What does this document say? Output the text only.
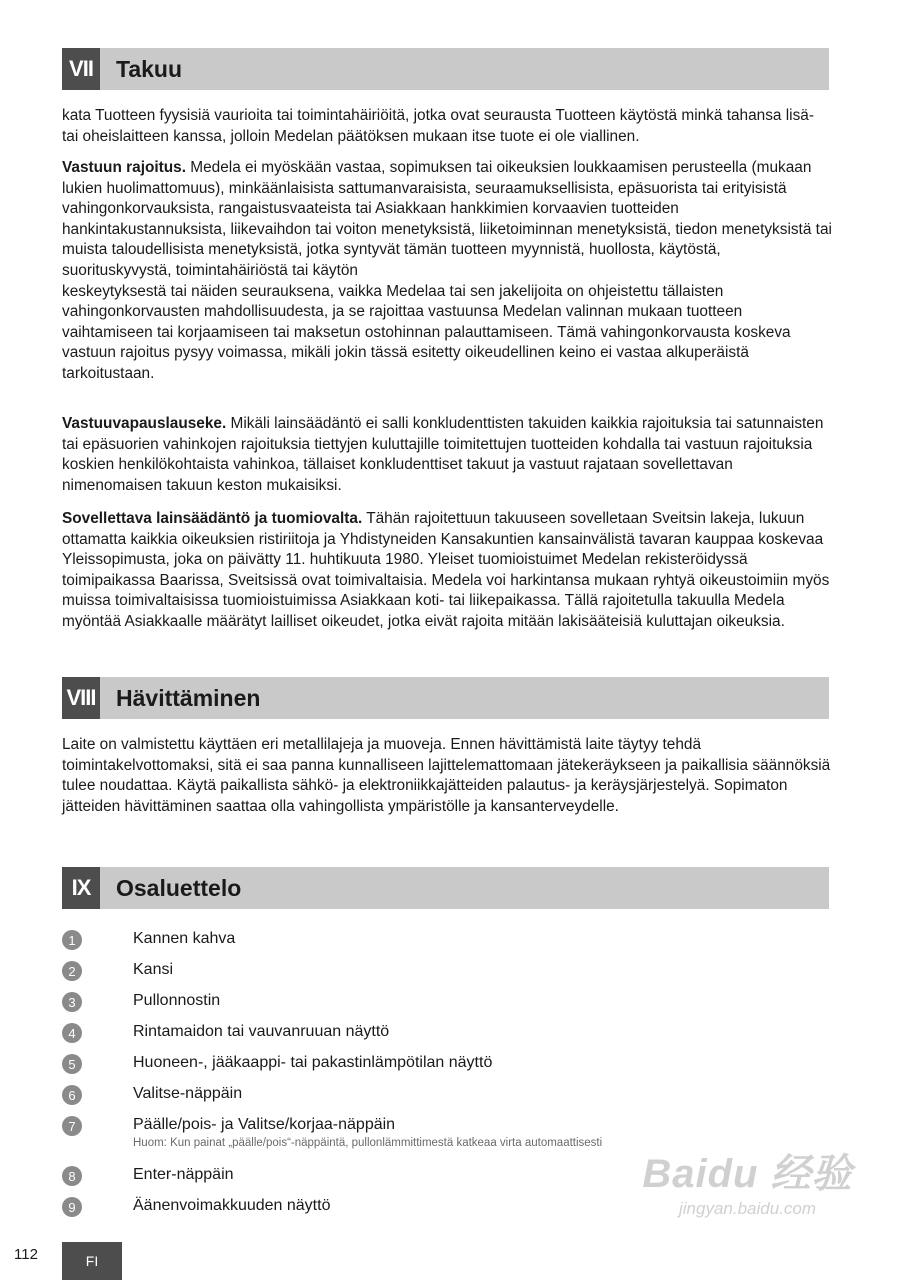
VII	Takuu

kata Tuotteen fyysisiä vaurioita tai toimintahäiriöitä, jotka ovat seurausta Tuotteen käytöstä minkä tahansa lisä- tai oheislaitteen kanssa, jolloin Medelan päätöksen mukaan itse tuote ei ole viallinen.

Vastuun rajoitus. Medela ei myöskään vastaa, sopimuksen tai oikeuksien loukkaamisen perusteella (mukaan lukien huolimattomuus), minkäänlaisista sattumanvaraisista, seuraamuksellisista, epäsuorista tai erityisistä vahingonkorvauksista, rangaistusvaateista tai Asiakkaan hankkimien korvaavien tuotteiden hankintakustannuksista, liikevaihdon tai voiton menetyksistä, liiketoiminnan menetyksistä, tiedon menetyksistä tai muista taloudellisista menetyksistä, jotka syntyvät tämän tuotteen myynnistä, huollosta, käytöstä, suorituskyvystä, toimintahäiriöstä tai käytön
keskeytyksestä tai näiden seurauksena, vaikka Medelaa tai sen jakelijoita on ohjeistettu tällaisten vahingonkorvausten mahdollisuudesta, ja se rajoittaa vastuunsa Medelan valinnan mukaan tuotteen vaihtamiseen tai korjaamiseen tai maksetun ostohinnan palauttamiseen. Tämä vahingonkorvausta koskeva vastuun rajoitus pysyy voimassa, mikäli jokin tässä esitetty oikeudellinen keino ei vastaa alkuperäistä tarkoitustaan.

Vastuuvapauslauseke. Mikäli lainsäädäntö ei salli konkludenttisten takuiden kaikkia rajoituksia tai satunnaisten tai epäsuorien vahinkojen rajoituksia tiettyjen kuluttajille toimitettujen tuotteiden kohdalla tai vastuun rajoituksia koskien henkilökohtaista vahinkoa, tällaiset konkludenttiset takuut ja vastuut rajataan sovellettavan nimenomaisen takuun keston mukaisiksi.

Sovellettava lainsäädäntö ja tuomiovalta. Tähän rajoitettuun takuuseen sovelletaan Sveitsin lakeja, lukuun ottamatta kaikkia oikeuksien ristiriitoja ja Yhdistyneiden Kansakuntien kansainvälistä tavaran kauppaa koskevaa Yleissopimusta, joka on päivätty 11. huhtikuuta 1980. Yleiset tuomioistuimet Medelan rekisteröidyssä toimipaikassa Baarissa, Sveitsissä ovat toimivaltaisia. Medela voi harkintansa mukaan ryhtyä oikeustoimiin myös muissa toimivaltaisissa tuomioistuimissa Asiakkaan koti- tai liikepaikassa. Tällä rajoitetulla takuulla Medela myöntää Asiakkaalle määrätyt lailliset oikeudet, jotka eivät rajoita mitään lakisääteisiä kuluttajan oikeuksia.

VIII Hävittäminen

Laite on valmistettu käyttäen eri metallilajeja ja muoveja. Ennen hävittämistä laite täytyy tehdä toimintakelvottomaksi, sitä ei saa panna kunnalliseen lajittelemattomaan jätekeräykseen ja paikallisia säännöksiä tulee noudattaa. Käytä paikallista sähkö- ja elektroniikkajätteiden palautus- ja keräysjärjestelyä. Sopimaton jätteiden hävittäminen saattaa olla vahingollista ympäristölle ja kansanterveydelle.

IX	Osaluettelo
1	Kannen kahva
2	Kansi
3	Pullonnostin
4	Rintamaidon tai vauvanruuan näyttö
5	Huoneen-, jääkaappi- tai pakastinlämpötilan näyttö
6	Valitse-näppäin
7	Päälle/pois- ja Valitse/korjaa-näppäin
Huom: Kun painat „päälle/pois“-näppäintä, pullonlämmittimestä katkeaa virta automaattisesti
8	Enter-näppäin
9	Äänenvoimakkuuden näyttö
Baidu 经验
jingyan.baidu.com
112	FI
